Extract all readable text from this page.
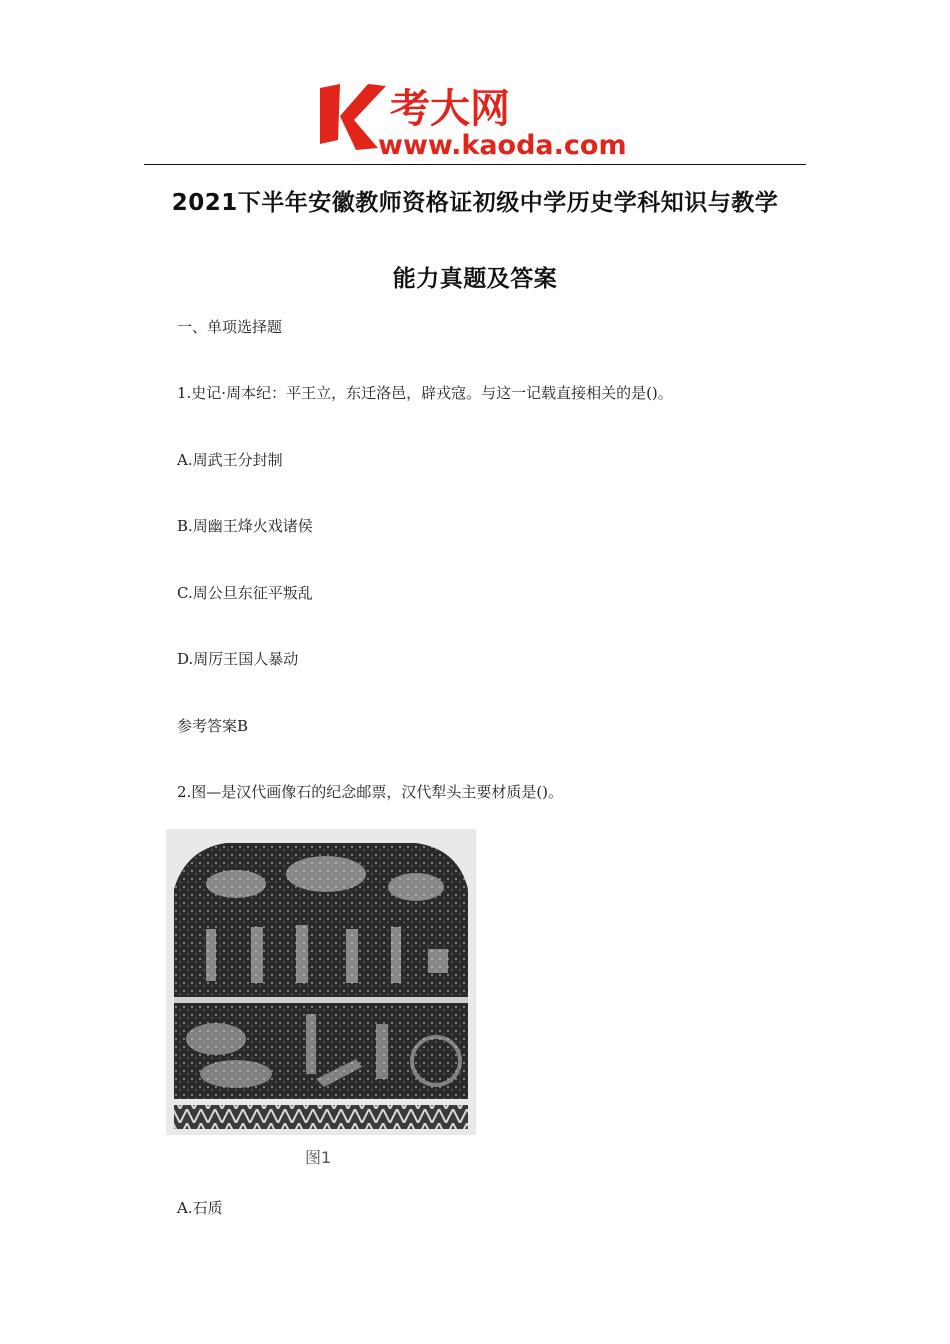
考大网
www.kaoda.com
2021下半年安徽教师资格证初级中学历史学科知识与教学
能力真题及答案
一、单项选择题
1.史记·周本纪：平王立，东迁洛邑，辟戎寇。与这一记载直接相关的是()。
A.周武王分封制
B.周幽王烽火戏诸侯
C.周公旦东征平叛乱
D.周厉王国人暴动
参考答案B
2.图—是汉代画像石的纪念邮票，汉代犁头主要材质是()。
图1
A.石质
